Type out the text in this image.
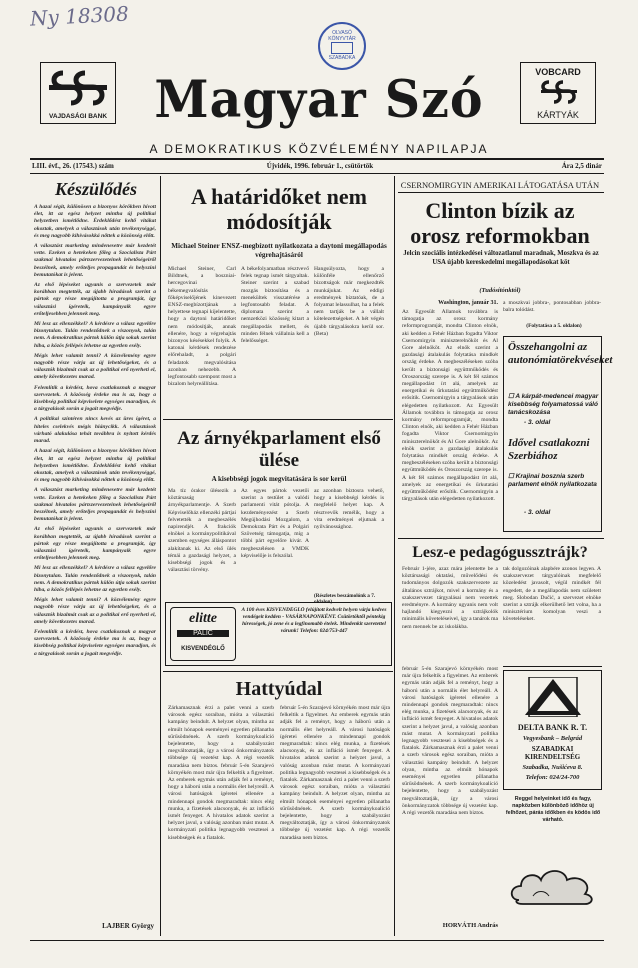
Ny 18308
OLVASÓ KÖNYVTÁR
SZABADKA
VAJDASÁGI BANK Magyar Szó	VOBCARD
KÁRTYÁK
A DEMOKRATIKUS KÖZVÉLEMÉNY NAPILAPJA
LIII. évf., 26. (17543.) szám	Újvidék, 1996. február 1., csütörtök	Ára 2,5 dinár
Készülődés

A hazai ségit, különösen a bizonyos körökben hívott élet, itt az egész helyzet mintha új politikai helyzetben ismétlődne. Érdeklődést keltő vitákat okoztak, amelyek a választások után tevékenységgé, és meg nagyobb kihívásokká nőttek a közönség előtt.

A választást marketing mindenesetre már kezdetét vette. Ezeken a hetekeken főleg a Szocialista Párt szakmai hivatalos pártszervezeteinek lehetőségeiről beszélnek, amely erőteljes propagandát és helyszíni bemutatókat is jelent.

Az első lépéseket ugyanis a szervezetek már korábban megtették, az újabb híradások szerint a pártok egy része megújította a programját, így választási ígéreteik, kampányaik egyre erőteljesebben jelennek meg.

Mi lesz az ellenzékkel? A kérdésre a válasz egyelőre bizonytalan. Talán rendeződnek a viszonyok, talán nem. A demokratikus pártok külön útja sokak szerint hiba, a közös fellépés lehetne az egyetlen esély.

Mégis lehet valamit tenni? A közvélemény egyre nagyobb része várja az új lehetőségeket, és a választók bizalmát csak az a politikai erő nyerheti el, amely következetes marad.

Felemlítik a kérdést, hova csatlakoznak a magyar szervezetek. A közösség érdeke ma is az, hogy a kisebbség politikai képviselete egységes maradjon, és a tárgyalások során a jogait megvédje.

A politikai színtéren nincs kevés az üres ígéret, a hiteles cselekvés mégis hiánycikk. A választások várható alakulása tehát továbbra is nyitott kérdés marad.

A hazai ségit, különösen a bizonyos körökben hívott élet, itt az egész helyzet mintha új politikai helyzetben ismétlődne. Érdeklődést keltő vitákat okoztak, amelyek a választások után tevékenységgé, és meg nagyobb kihívásokká nőttek a közönség előtt.

A választást marketing mindenesetre már kezdetét vette. Ezeken a hetekeken főleg a Szocialista Párt szakmai hivatalos pártszervezeteinek lehetőségeiről beszélnek, amely erőteljes propagandát és helyszíni bemutatókat is jelent.

Az első lépéseket ugyanis a szervezetek már korábban megtették, az újabb híradások szerint a pártok egy része megújította a programját, így választási ígéreteik, kampányaik egyre erőteljesebben jelennek meg.

Mi lesz az ellenzékkel? A kérdésre a válasz egyelőre bizonytalan. Talán rendeződnek a viszonyok, talán nem. A demokratikus pártok külön útja sokak szerint hiba, a közös fellépés lehetne az egyetlen esély.

Mégis lehet valamit tenni? A közvélemény egyre nagyobb része várja az új lehetőségeket, és a választók bizalmát csak az a politikai erő nyerheti el, amely következetes marad.

Felemlítik a kérdést, hova csatlakoznak a magyar szervezetek. A közösség érdeke ma is az, hogy a kisebbség politikai képviselete egységes maradjon, és a tárgyalások során a jogait megvédje.

LAJBER György
A határidőket nem módosítják
Michael Steiner ENSZ-megbízott nyilatkozata a daytoni megállapodás végrehajtásáról
Michael Steiner, Carl Bildtnek, a boszniai-hercegovinai békemegvalósítás főképviselőjének kinevezett ENSZ-megbízottjának a helyettese tegnapi kijelentette, hogy a daytoni határidőket nem módosítják, annak ellenére, hogy a végrehajtás bizonyos késésekkel folyik. A katonai kérdések rendezése előrehaladt, a polgári feladatok megvalósítása azonban nehezebb. A legfontosabb szempont most a bizalom helyreállítása.
A békefolyamatban résztvevő felek tegnap ismét tárgyaltak. Steiner szerint a szabad mozgás biztosítása és a menekültek visszatérése a legfontosabb feladat. A diplomata szerint a nemzetközi közösség kitart a megállapodás mellett, és minden félnek vállalnia kell a felelősséget.
Hangsúlyozta, hogy a különféle ellenőrző bizottságok már megkezdték munkájukat. Az eddigi eredmények bíztatóak, de a folyamat lelassulhat, ha a felek nem tartják be a vállalt kötelezettségeket. A hét végén újabb tárgyalásokra kerül sor. (Beta)
Az árnyékparlament első ülése
A kisebbségi jogok megvitatására is sor kerül
Ma tíz órakor ülésezik a köztársaság árnyékparlamentje. A Szerb Képviselőház ellenzéki pártjai felvetették a megbeszélés napirendjét. A frakciók elnökei a kormánypolitikával szemben egységes álláspontot alakítanak ki. Az első ülés témái a gazdasági helyzet, a kisebbségi jogok és a választási törvény.
Az egyes pártok vezetői szerint a testület a valódi parlamenti vitát pótolja. A kezdeményezést a Szerb Megújhodási Mozgalom, a Demokrata Párt és a Polgári Szövetség támogatja, míg a többi párt egyelőre kivár. A megbeszélésen a VMDK képviselője is felszólal.
az azonban biztosra vehető, hogy a kisebbségi kérdés is megfelelő helyet kap. A résztvevők remélik, hogy a vita eredményei eljutnak a nyilvánossághoz.
(Részletes beszámolónk a 7. oldalon)
elitte
PALIC
KISVENDÉGLŐ
A 100 éves KISVENDÉGLŐ felújított kedvelt helyen várja kedves vendégeit kedden - VASÁRNAPONKÉNT. Csütörtöktől péntekig hírességek, jó zene és a legfinomabb ételek. Mindenkit szeretettel várunk! Telefon: 024/753-447
Hattyúdal
Zárkamasznak érzi a palet venni a szerb városok egész soraiban, mióta a választási kampány beindult. A helyzet olyan, mintha az elmúlt hónapok eseményei egyetlen pillanatba sűrűsödnének. A szerb kormánykoalíció bejelentette, hogy a szabályozást megváltoztatják, így a városi önkormányzatok többsége új vezetést kap. A régi vezetők maradása nem biztos. február 5-én Szarajevó környékén most már újra felkeltik a figyelmet. Az emberek egymás után adják fel a reményt, hogy a háború után a normális élet helyreáll. A városi hatóságok ígéretei ellenére a mindennapi gondok megmaradtak: nincs elég munka, a fizetések alacsonyak, és az infláció ismét fenyeget. A hivatalos adatok szerint a helyzet javul, a valóság azonban mást mutat. A kormányzati politika legnagyobb vesztesei a kisebbségek és a fiatalok.
február 5-én Szarajevó környékén most már újra felkeltik a figyelmet. Az emberek egymás után adják fel a reményt, hogy a háború után a normális élet helyreáll. A városi hatóságok ígéretei ellenére a mindennapi gondok megmaradtak: nincs elég munka, a fizetések alacsonyak, és az infláció ismét fenyeget. A hivatalos adatok szerint a helyzet javul, a valóság azonban mást mutat. A kormányzati politika legnagyobb vesztesei a kisebbségek és a fiatalok. Zárkamasznak érzi a palet venni a szerb városok egész soraiban, mióta a választási kampány beindult. A helyzet olyan, mintha az elmúlt hónapok eseményei egyetlen pillanatba sűrűsödnének. A szerb kormánykoalíció bejelentette, hogy a szabályozást megváltoztatják, így a városi önkormányzatok többsége új vezetést kap. A régi vezetők maradása nem biztos.
CSERNOMIRGYIN AMERIKAI LÁTOGATÁSA UTÁN
Clinton bízik az orosz reformokban
Jelcin szociális intézkedései változatlanul maradnak, Moszkva és az USA újabb kereskedelmi megállapodásokat köt
(Tudósítónktól)
Washington, január 31.
Az Egyesült Államok továbbra is támogatja az orosz kormány reformprogramját, mondta Clinton elnök, aki kedden a Fehér Házban fogadta Viktor Csernomirgyin miniszterelnököt és Al Gore alelnököt. Az elnök szerint a gazdasági átalakulás folytatása mindkét ország érdeke. A megbeszéléseken szóba került a biztonsági együttműködés és Oroszország szerepe is. A két fél számos megállapodást írt alá, amelyek az energetikai és űrkutatási együttműködést erősítik. Csernomirgyin a tárgyalások után elégedetten nyilatkozott. Az Egyesült Államok továbbra is támogatja az orosz kormány reformprogramját, mondta Clinton elnök, aki kedden a Fehér Házban fogadta Viktor Csernomirgyin miniszterelnököt és Al Gore alelnököt. Az elnök szerint a gazdasági átalakulás folytatása mindkét ország érdeke. A megbeszéléseken szóba került a biztonsági együttműködés és Oroszország szerepe is. A két fél számos megállapodást írt alá, amelyek az energetikai és űrkutatási együttműködést erősítik. Csernomirgyin a tárgyalások után elégedetten nyilatkozott.
a moszkvai jobbra-, pontosabban jobbra-balra tolódást.
(Folytatása a 5. oldalon)
Összehangolni az autonómiatörekvéseket
☐ A kárpát-medencei magyar kisebbség folyamatossá váló tanácskozása
- 3. oldal
Idővel csatlakozni Szerbiához
☐ Krajinai bosznia szerb parlament elnök nyilatkozata
- 3. oldal
Lesz-e pedagógussztrájk?
Február 1-jére, azaz mára jelentette be a köztársasági oktatási, művelődési és tudományos dolgozók szakszervezete az általános sztrájkot, mivel a kormány és a szakszervezet tárgyalásai nem vezettek eredményre. A kormány ugyanis nem volt hajlandó kiegyezni a sztrájkolók minimális követeléseivel, így a tanárok ma nem mennek be az iskolákba.
tak dolgozóinak alapbére azonos legyen. A szakszervezet tárgyalóinak megfelelő közeledést javasolt, végül mindkét fél engedett, de a megállapodás nem született meg. Slobodan Dučić, a szervezet elnöke szerint a sztrájk elkerülhető lett volna, ha a minisztérium komolyan veszi a követeléseket.
február 5-én Szarajevó környékén most már újra felkeltik a figyelmet. Az emberek egymás után adják fel a reményt, hogy a háború után a normális élet helyreáll. A városi hatóságok ígéretei ellenére a mindennapi gondok megmaradtak: nincs elég munka, a fizetések alacsonyak, és az infláció ismét fenyeget. A hivatalos adatok szerint a helyzet javul, a valóság azonban mást mutat. A kormányzati politika legnagyobb vesztesei a kisebbségek és a fiatalok. Zárkamasznak érzi a palet venni a szerb városok egész soraiban, mióta a választási kampány beindult. A helyzet olyan, mintha az elmúlt hónapok eseményei egyetlen pillanatba sűrűsödnének. A szerb kormánykoalíció bejelentette, hogy a szabályozást megváltoztatják, így a városi önkormányzatok többsége új vezetést kap. A régi vezetők maradása nem biztos.
HORVÁTH András
DELTA BANK R. T.
Vegyesbank – Belgrád
SZABADKAI KIRENDELTSÉG
Szabadka, Nušićeva 8.
Telefon: 024/24-700
Reggel helyeinket idő és fagy, napközben különböző időhöz új felhőzet, párás időkben és ködös idő várható.
